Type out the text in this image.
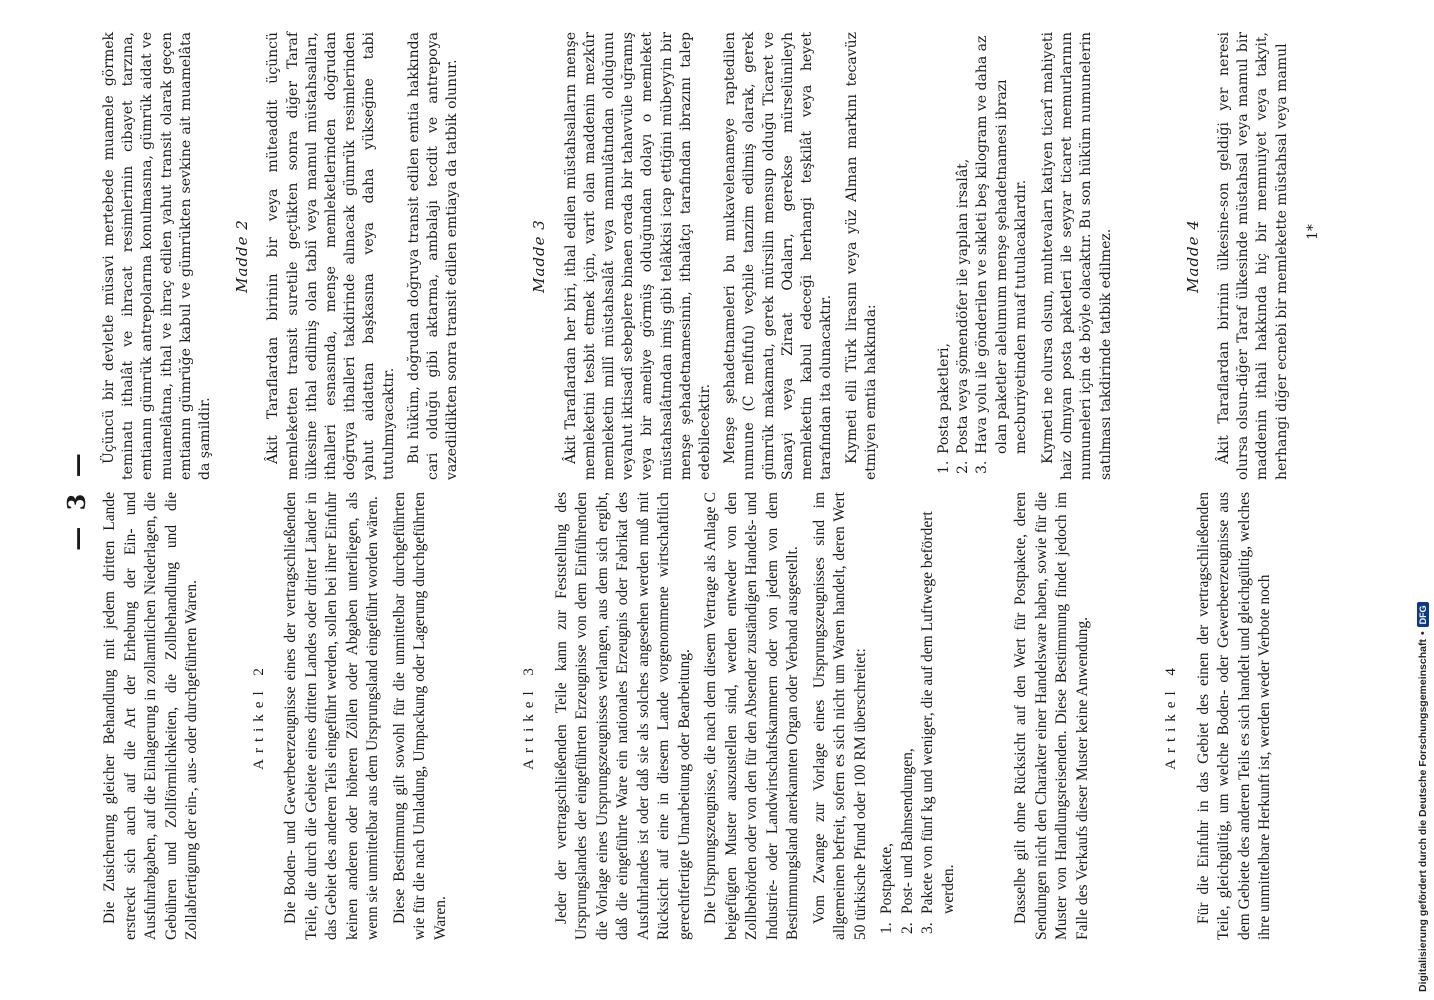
— 3 — Die Zusicherung gleicher Behandlung mit jedem dritten Lande erstreckt sich auch auf die Art der Erhebung der Ein- und Ausfuhrabgaben, auf die Einlagerung in zollamtlichen Niederlagen, die Gebühren und Zollförmlichkeiten, die Zollbehandlung und die Zollabfertigung der ein-, aus- oder durchgeführten Waren.	Artikel 2 Die Boden- und Gewerbeerzeugnisse eines der vertragschließenden Teile, die durch die Gebiete eines dritten Landes oder dritter Länder in das Gebiet des anderen Teils eingeführt werden, sollen bei ihrer Einfuhr keinen anderen oder höheren Zöllen oder Abgaben unterliegen, als wenn sie unmittelbar aus dem Ursprungsland eingeführt worden wären. Diese Bestimmung gilt sowohl für die unmittelbar durchgeführten wie für die nach Umladung, Umpackung oder Lagerung durchgeführten Waren.

Artikel 3 Jeder der vertragschließenden Teile kann zur Feststellung des Ursprungslandes der eingeführten Erzeugnisse von dem Einführenden die Vorlage eines Ursprungszeugnisses verlangen, aus dem sich ergibt, daß die eingeführte Ware ein nationales Erzeugnis oder Fabrikat des Ausfuhrlandes ist oder daß sie als solches angesehen werden muß mit Rücksicht auf eine in diesem Lande vorgenommene wirtschaftlich gerechtfertigte Umarbeitung oder Bearbeitung. Die Ursprungszeugnisse, die nach dem diesem Vertrage als Anlage C beigefügten Muster auszustellen sind, werden entweder von den Zollbehörden oder von den für den Absender zuständigen Handels- und Industrie- oder Landwirtschaftskammern oder von jedem von dem Bestimmungsland anerkannten Organ oder Verband ausgestellt. Vom Zwange zur Vorlage eines Ursprungszeugnisses sind im allgemeinen befreit, sofern es sich nicht um Waren handelt, deren Wert 50 türkische Pfund oder 100 RM überschreitet: 1.
Postpakete,
2.
Post- und Bahnsendungen,
3.
Pakete von fünf kg und weniger, die auf dem Luftwege befördert werden.	Dasselbe gilt ohne Rücksicht auf den Wert für Postpakete, deren Sendungen nicht den Charakter einer Handelsware haben, sowie für die Muster von Handlungsreisenden. Diese Bestimmung findet jedoch im Falle des Verkaufs dieser Muster keine Anwendung.	Artikel 4 Für die Einfuhr in das Gebiet des einen der vertragschließenden Teile, gleichgültig, um welche Boden- oder Gewerbeerzeugnisse aus dem Gebiete des anderen Teils es sich handelt und gleichgültig, welches ihre unmittelbare Herkunft ist, werden weder Verbote noch

Üçüncü bir devletle müsavi mertebede muamele görmek teminatı ithalât ve ihracat resimlerinin cibayet tarzına, emtianın gümrük antrepolarına konulmasına, gümrük aidat ve muamelâtına, ithal ve ihraç edilen yahut transit olarak geçen emtianın gümrüğe kabul ve gümrükten sevkine ait muamelâta da şamildir.

Madde 2 Âkit Taraflardan birinin bir veya müteaddit üçüncü memleketten transit suretile geçtikten sonra diğer Taraf ülkesine ithal edilmiş olan tabiî veya mamul müstahsalları, ithalleri esnasında, menşe memleketlerinden doğrudan doğruya ithalleri takdirinde alınacak gümrük resimlerinden yahut aidattan başkasına veya daha yükseğine tabi tutulmıyacaktır. Bu hüküm, doğrudan doğruya transit edilen emtia hakkında cari olduğu gibi aktarma, ambalajı tecdit ve antrepoya vazedildikten sonra transit edilen emtiaya da tatbik olunur.	Madde 3 Âkit Taraflardan her biri, ithal edilen müstahsalların menşe memleketini tesbit etmek için, varit olan maddenin mezkûr memleketin millî müstahsalât veya mamulâtından olduğunu veyahut iktisadî sebeplere binaen orada bir tahavvüle uğramış veya bir ameliye görmüş olduğundan dolayı o memleket müstahsalâtından imiş gibi telâkkisi icap ettiğini mübeyyin bir menşe şehadetnamesinin, ithalâtçı tarafından ibrazını talep edebilecektir. Menşe şehadetnameleri bu mukavelenameye raptedilen numune (C melfufu) veçhile tanzim edilmiş olarak, gerek gümrük makamatı, gerek mürsilin mensup olduğu Ticaret ve Sanayi veya Ziraat Odaları, gerekse mürselünileyh memleketin kabul edeceği herhangi teşkilât veya heyet tarafından ita olunacaktır. Kıymeti elli Türk lirasını veya yüz Alman markını tecavüz etmiyen emtia hakkında:	1.
Posta paketleri,
2.
Posta veya şömendöfer ile yapılan irsalât,
3.
Hava yolu ile gönderilen ve sıkleti beş kilogram ve daha az olan paketler alelumum menşe şehadetnamesi ibrazı mecburiyetinden muaf tutulacaklardır. Kıymeti ne olursa olsun, muhtevaları katiyen ticarî mahiyeti haiz olmıyan posta paketleri ile seyyar ticaret memurlarının numuneleri için de böyle olacaktır. Bu son hüküm numunelerin satılması takdirinde tatbik edilmez.	Madde 4 Âkit Taraflardan birinin ülkesine-son geldiği yer neresi olursa olsun-diğer Taraf ülkesinde müstahsal veya mamul bir maddenin ithali hakkında hiç bir memnuiyet veya takyit, herhangi diğer ecnebi bir memlekette müstahsal veya mamul 1*
Digitalisierung gefördert durch die Deutsche Forschungsgemeinschaft
•
DFG
